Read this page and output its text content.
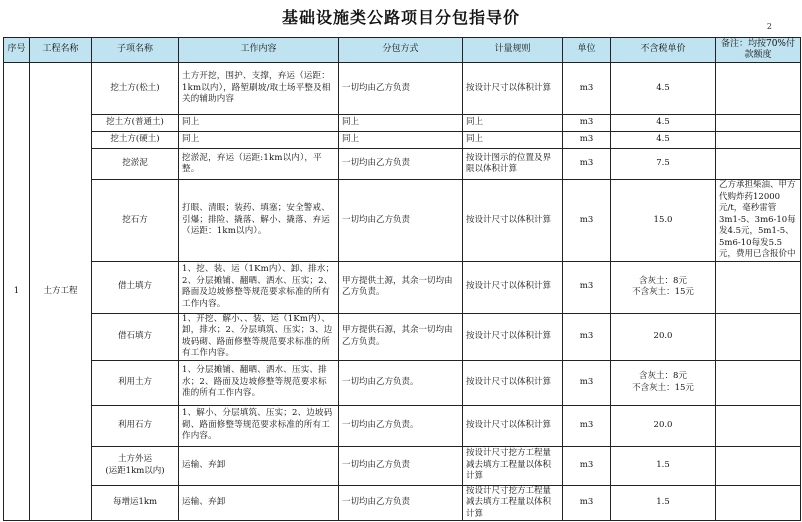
基础设施类公路项目分包指导价	2
序号	工程名称	子项名称	工作内容	分包方式	计量规则	单位	不含税单价	备注：均按70%付款额度
1	土方工程	挖土方(松土)	土方开挖，围护、支撑，弃运（运距：1km以内），路堑刷坡/取土场平整及相关的辅助内容	一切均由乙方负责	按设计尺寸以体积计算	m3	4.5	
		挖土方(普通土)	同上	同上	同上	m3	4.5	
		挖土方(硬土)	同上	同上	同上	m3	4.5	
		挖淤泥	挖淤泥，弃运（运距:1km以内），平整。	一切均由乙方负责	按设计图示的位置及界限以体积计算	m3	7.5	
		挖石方	打眼、清眼；装药、填塞；安全警戒、引爆；排险、撬落、解小、撬落、弃运（运距：1km以内）。	一切均由乙方负责	按设计尺寸以体积计算	m3	15.0	乙方承担柴油、甲方代购炸药12000元/t，毫秒雷管3m1-5、3m6-10每发4.5元，5m1-5、5m6-10每发5.5元，费用已含报价中
		借土填方	1、挖、装、运（1Km内）、卸、排水；2、分层摊铺、翻晒、洒水、压实；2、路面及边坡修整等规范要求标准的所有工作内容。	甲方提供土源，其余一切均由乙方负责。	按设计尺寸以体积计算	m3	含灰土：8元
不含灰土：15元	
		借石填方	1、开挖、解小、、装、运（1Km内）、卸，排水；2、分层填筑、压实；3、边坡码砌、路面修整等规范要求标准的所有工作内容。	甲方提供石源，其余一切均由乙方负责。	按设计尺寸以体积计算	m3	20.0	
		利用土方	1、分层摊铺、翻晒、洒水、压实、排水；2、路面及边坡修整等规范要求标准的所有工作内容。	一切均由乙方负责。	按设计尺寸以体积计算	m3	含灰土：8元
不含灰土：15元	
		利用石方	1、解小、分层填筑、压实；2、边坡码砌、路面修整等规范要求标准的所有工作内容。	一切均由乙方负责。	按设计尺寸以体积计算	m3	20.0	
		土方外运
(运距1km以内)	运输、弃卸	一切均由乙方负责	按设计尺寸挖方工程量减去填方工程量以体积计算	m3	1.5	
		每增运1km	运输、弃卸	一切均由乙方负责	按设计尺寸挖方工程量减去填方工程量以体积计算	m3	1.5	
